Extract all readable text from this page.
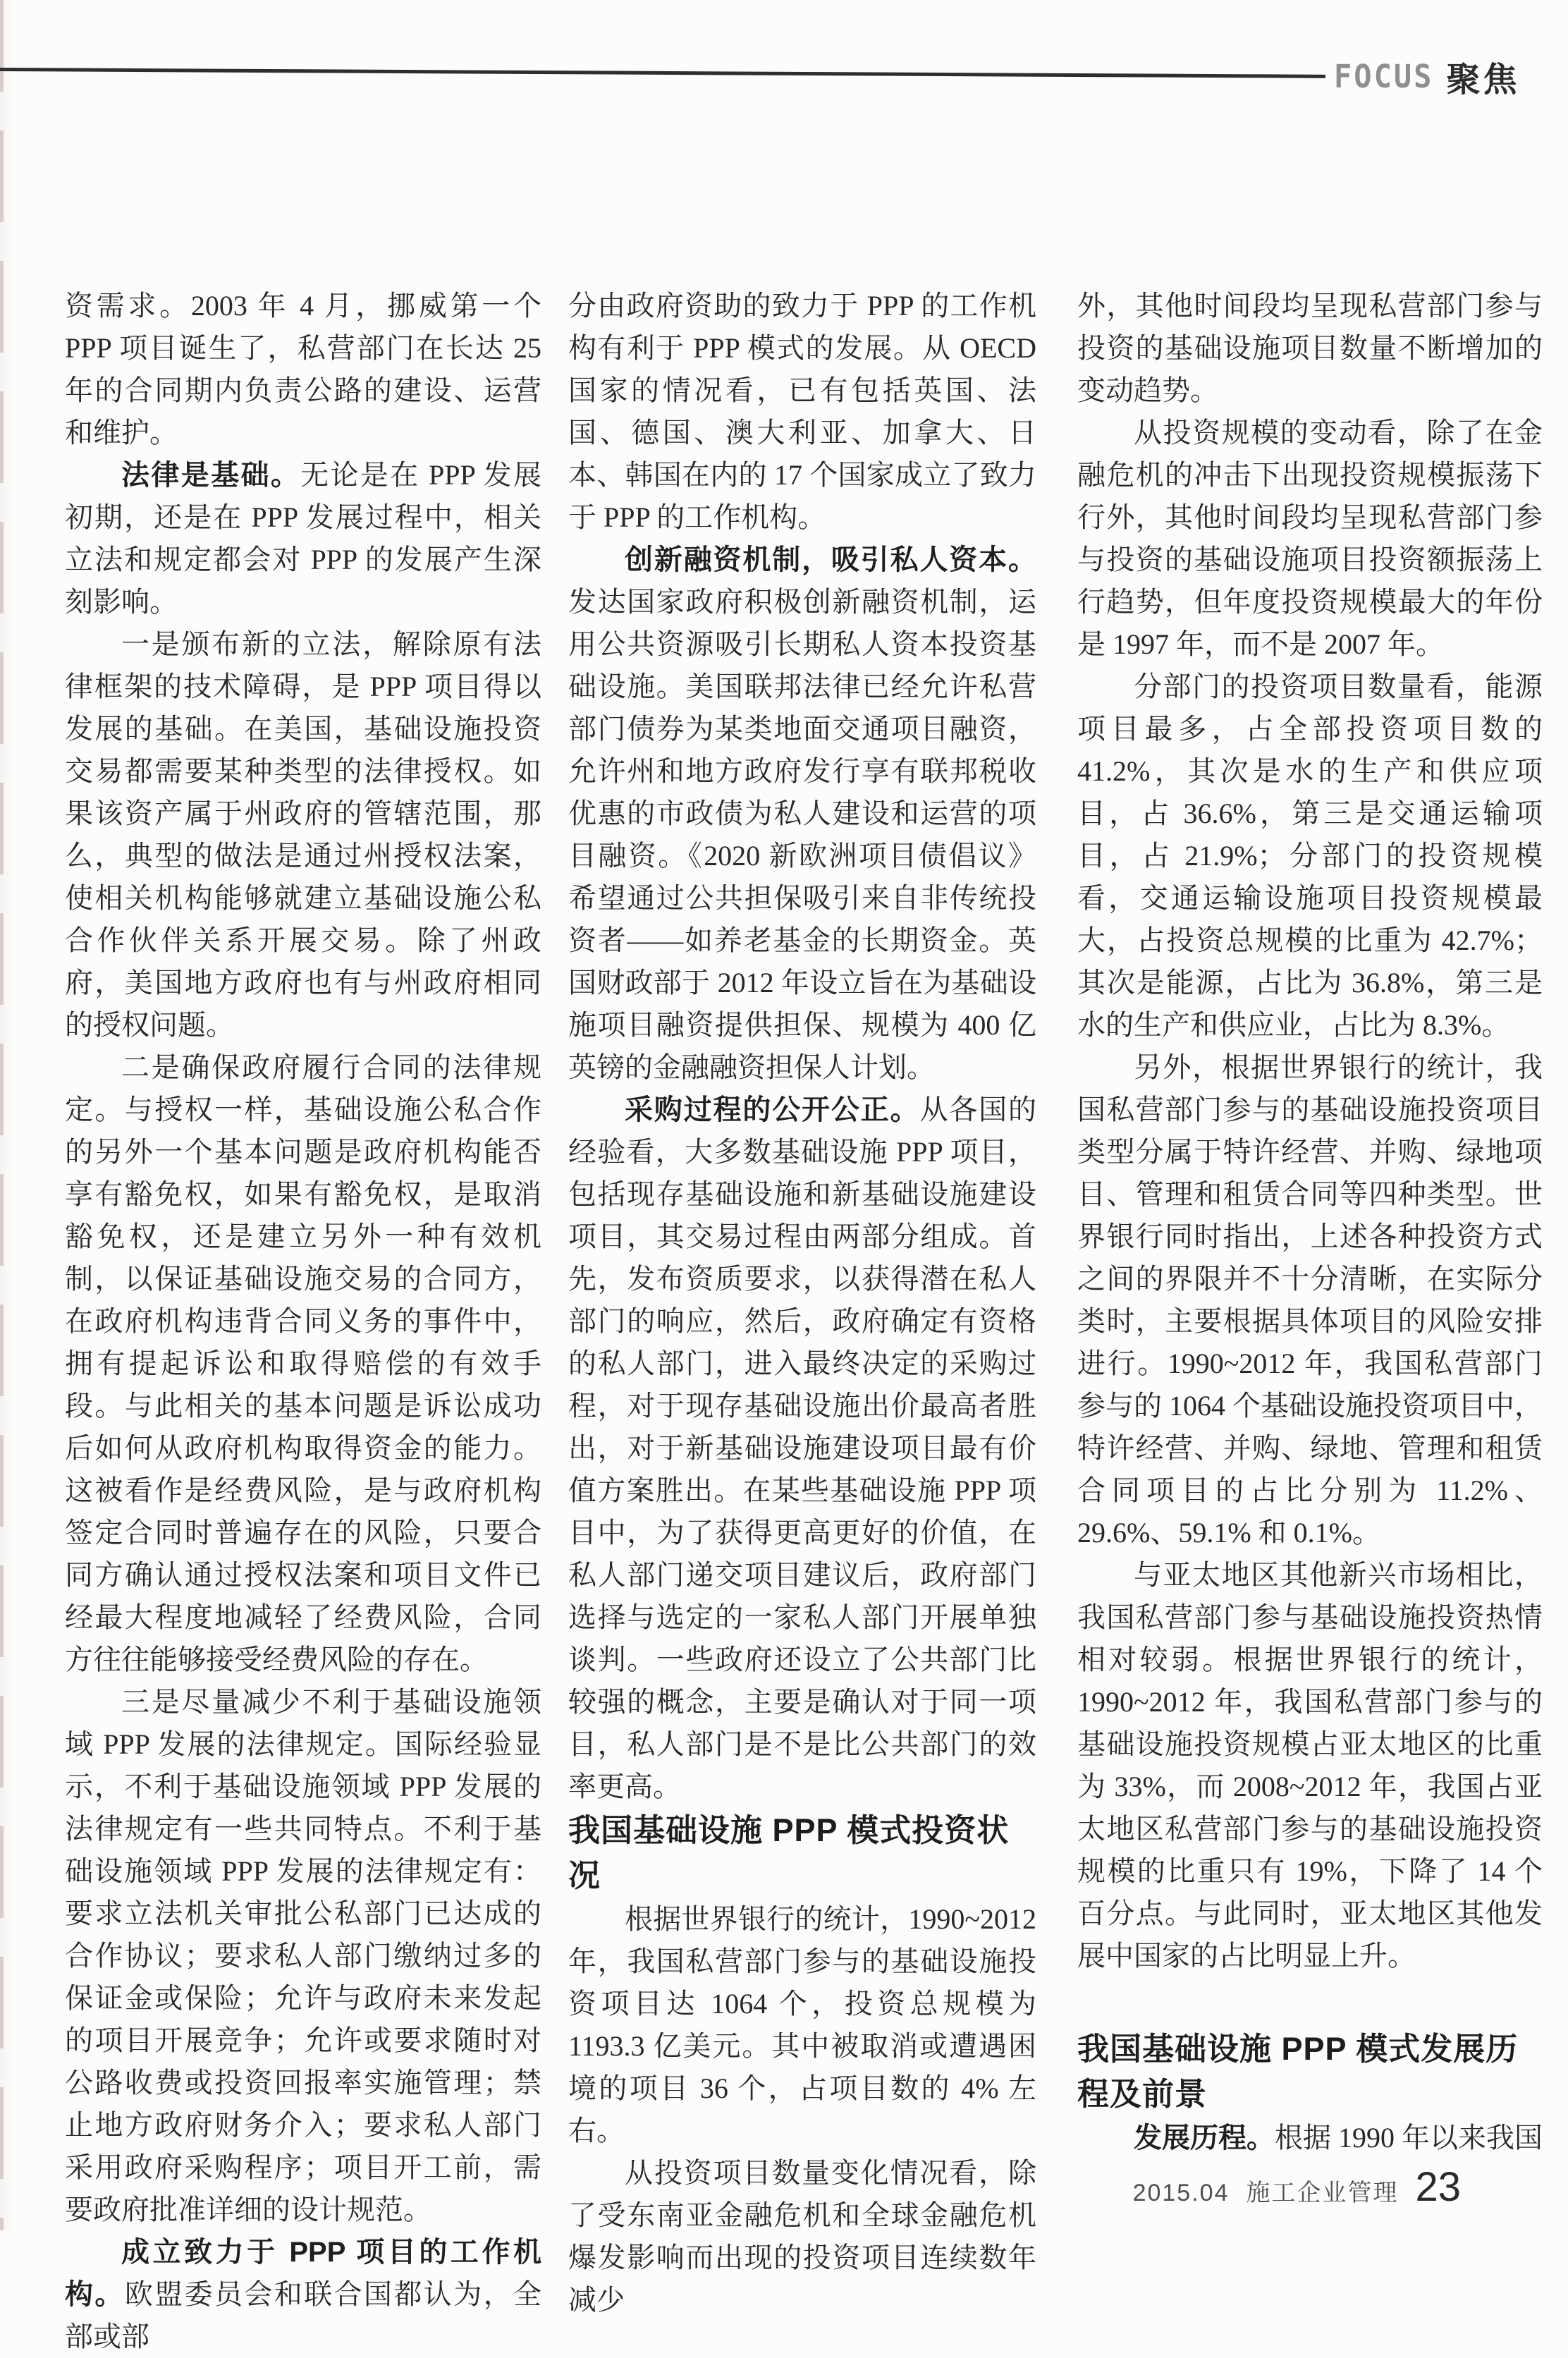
FOCUS 聚焦

资需求。2003 年 4 月，挪威第一个 PPP 项目诞生了，私营部门在长达 25 年的合同期内负责公路的建设、运营和维护。

法律是基础。无论是在 PPP 发展初期，还是在 PPP 发展过程中，相关立法和规定都会对 PPP 的发展产生深刻影响。

一是颁布新的立法，解除原有法律框架的技术障碍，是 PPP 项目得以发展的基础。在美国，基础设施投资交易都需要某种类型的法律授权。如果该资产属于州政府的管辖范围，那么，典型的做法是通过州授权法案，使相关机构能够就建立基础设施公私合作伙伴关系开展交易。除了州政府，美国地方政府也有与州政府相同的授权问题。

二是确保政府履行合同的法律规定。与授权一样，基础设施公私合作的另外一个基本问题是政府机构能否享有豁免权，如果有豁免权，是取消豁免权，还是建立另外一种有效机制，以保证基础设施交易的合同方，在政府机构违背合同义务的事件中，拥有提起诉讼和取得赔偿的有效手段。与此相关的基本问题是诉讼成功后如何从政府机构取得资金的能力。这被看作是经费风险，是与政府机构签定合同时普遍存在的风险，只要合同方确认通过授权法案和项目文件已经最大程度地减轻了经费风险，合同方往往能够接受经费风险的存在。

三是尽量减少不利于基础设施领域 PPP 发展的法律规定。国际经验显示，不利于基础设施领域 PPP 发展的法律规定有一些共同特点。不利于基础设施领域 PPP 发展的法律规定有：要求立法机关审批公私部门已达成的合作协议；要求私人部门缴纳过多的保证金或保险；允许与政府未来发起的项目开展竞争；允许或要求随时对公路收费或投资回报率实施管理；禁止地方政府财务介入；要求私人部门采用政府采购程序；项目开工前，需要政府批准详细的设计规范。

成立致力于 PPP 项目的工作机构。欧盟委员会和联合国都认为，全部或部

分由政府资助的致力于 PPP 的工作机构有利于 PPP 模式的发展。从 OECD 国家的情况看，已有包括英国、法国、德国、澳大利亚、加拿大、日本、韩国在内的 17 个国家成立了致力于 PPP 的工作机构。

创新融资机制，吸引私人资本。发达国家政府积极创新融资机制，运用公共资源吸引长期私人资本投资基础设施。美国联邦法律已经允许私营部门债券为某类地面交通项目融资，允许州和地方政府发行享有联邦税收优惠的市政债为私人建设和运营的项目融资。《2020 新欧洲项目债倡议》希望通过公共担保吸引来自非传统投资者——如养老基金的长期资金。英国财政部于 2012 年设立旨在为基础设施项目融资提供担保、规模为 400 亿英镑的金融融资担保人计划。

采购过程的公开公正。从各国的经验看，大多数基础设施 PPP 项目，包括现存基础设施和新基础设施建设项目，其交易过程由两部分组成。首先，发布资质要求，以获得潜在私人部门的响应，然后，政府确定有资格的私人部门，进入最终决定的采购过程，对于现存基础设施出价最高者胜出，对于新基础设施建设项目最有价值方案胜出。在某些基础设施 PPP 项目中，为了获得更高更好的价值，在私人部门递交项目建议后，政府部门选择与选定的一家私人部门开展单独谈判。一些政府还设立了公共部门比较强的概念，主要是确认对于同一项目，私人部门是不是比公共部门的效率更高。

我国基础设施 PPP 模式投资状况

根据世界银行的统计，1990~2012 年，我国私营部门参与的基础设施投资项目达 1064 个，投资总规模为 1193.3 亿美元。其中被取消或遭遇困境的项目 36 个，占项目数的 4% 左右。

从投资项目数量变化情况看，除了受东南亚金融危机和全球金融危机爆发影响而出现的投资项目连续数年减少

外，其他时间段均呈现私营部门参与投资的基础设施项目数量不断增加的变动趋势。

从投资规模的变动看，除了在金融危机的冲击下出现投资规模振荡下行外，其他时间段均呈现私营部门参与投资的基础设施项目投资额振荡上行趋势，但年度投资规模最大的年份是 1997 年，而不是 2007 年。

分部门的投资项目数量看，能源项目最多，占全部投资项目数的 41.2%，其次是水的生产和供应项目，占 36.6%，第三是交通运输项目，占 21.9%；分部门的投资规模看，交通运输设施项目投资规模最大，占投资总规模的比重为 42.7%；其次是能源，占比为 36.8%，第三是水的生产和供应业，占比为 8.3%。

另外，根据世界银行的统计，我国私营部门参与的基础设施投资项目类型分属于特许经营、并购、绿地项目、管理和租赁合同等四种类型。世界银行同时指出，上述各种投资方式之间的界限并不十分清晰，在实际分类时，主要根据具体项目的风险安排进行。1990~2012 年，我国私营部门参与的 1064 个基础设施投资项目中，特许经营、并购、绿地、管理和租赁合同项目的占比分别为 11.2%、29.6%、59.1% 和 0.1%。

与亚太地区其他新兴市场相比，我国私营部门参与基础设施投资热情相对较弱。根据世界银行的统计，1990~2012 年，我国私营部门参与的基础设施投资规模占亚太地区的比重为 33%，而 2008~2012 年，我国占亚太地区私营部门参与的基础设施投资规模的比重只有 19%，下降了 14 个百分点。与此同时，亚太地区其他发展中国家的占比明显上升。

我国基础设施 PPP 模式发展历程及前景

发展历程。根据 1990 年以来我国

2015.04 施工企业管理 23
